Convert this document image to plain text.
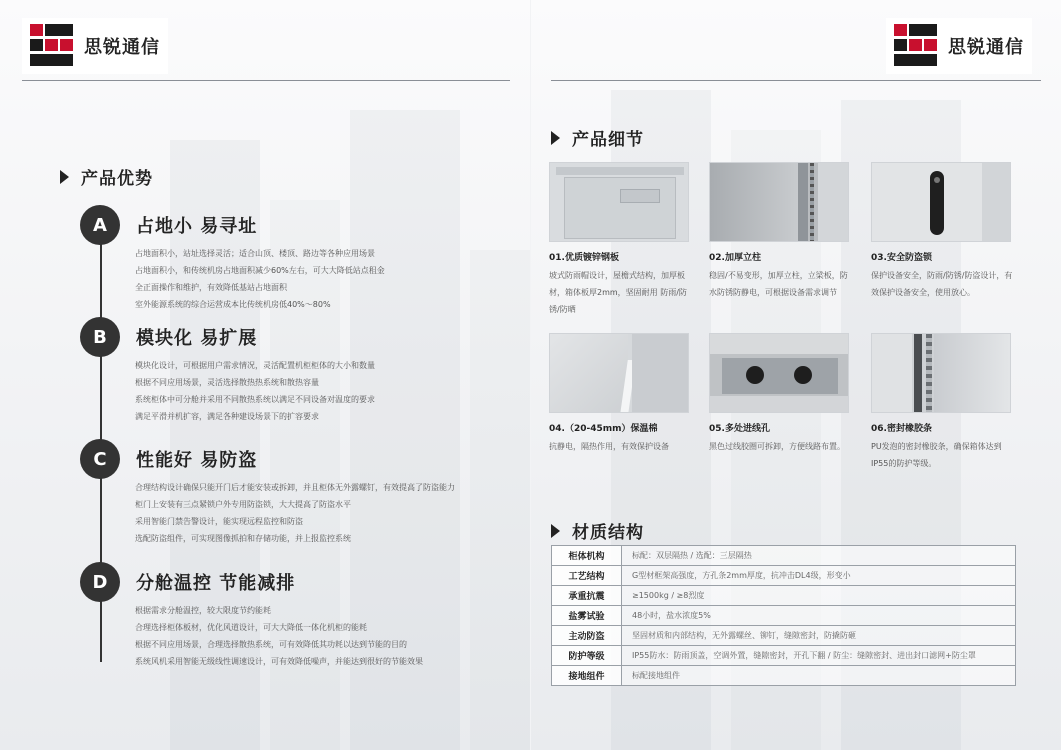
思锐通信
产品优势
A	占地小 易寻址
占地面积小，站址选择灵活；适合山顶、楼顶、路边等各种应用场景
占地面积小，和传统机房占地面积减少60%左右，可大大降低站点租金
全正面操作和维护，有效降低基站占地面积
室外能源系统的综合运营成本比传统机房低40%～80%
B	模块化 易扩展
模块化设计，可根据用户需求情况，灵活配置机柜柜体的大小和数量
根据不同应用场景，灵活选择散热热系统和散热容量
系统柜体中可分舱并采用不同散热系统以满足不同设备对温度的要求
满足平滑并机扩容，满足各种建设场景下的扩容要求
C	性能好 易防盗
合理结构设计确保只能开门后才能安装或拆卸，并且柜体无外露螺钉，有效提高了防盗能力
柜门上安装有三点紧锁户外专用防盗锁，大大提高了防盗水平
采用智能门禁告警设计，能实现远程监控和防盗
选配防盗组件，可实现图像抓拍和存储功能，并上报监控系统
D	分舱温控 节能减排
根据需求分舱温控，较大限度节约能耗
合理选择柜体板材，优化风道设计，可大大降低一体化机柜的能耗
根据不同应用场景，合理选择散热系统，可有效降低其功耗以达到节能的目的
系统风机采用智能无级线性调速设计，可有效降低噪声，并能达到很好的节能效果
思锐通信
产品细节
01.优质镀锌钢板
坡式防雨帽设计，屋檐式结构，加厚板材，箱体板厚2mm，坚固耐用 防雨/防锈/防晒
02.加厚立柱
稳固/不易变形，加厚立柱，立梁板，防水防锈防静电，可根据设备需求调节
03.安全防盗锁
保护设备安全，防雨/防锈/防盗设计，有效保护设备安全，使用放心。
04.（20-45mm）保温棉
抗静电，隔热作用，有效保护设备
05.多处进线孔
黑色过线胶圈可拆卸，方便线路布置。
06.密封橡胶条
PU发泡的密封橡胶条，确保箱体达到IP55的防护等级。
材质结构
柜体机构	标配：双层隔热 / 选配：三层隔热
工艺结构	G型材框架高强度，方孔条2mm厚度，抗冲击DL4级，形变小
承重抗震	≥1500kg / ≥8烈度
盐雾试验	48小时，盐水浓度5%
主动防盗	坚固材质和内部结构，无外露螺丝、铆钉，缝隙密封，防撬防砸
防护等级	IP55防水：防雨顶盖，空调外置，缝隙密封，开孔下翻 / 防尘：缝隙密封、进出封口滤网+防尘罩
接地组件	标配接地组件
